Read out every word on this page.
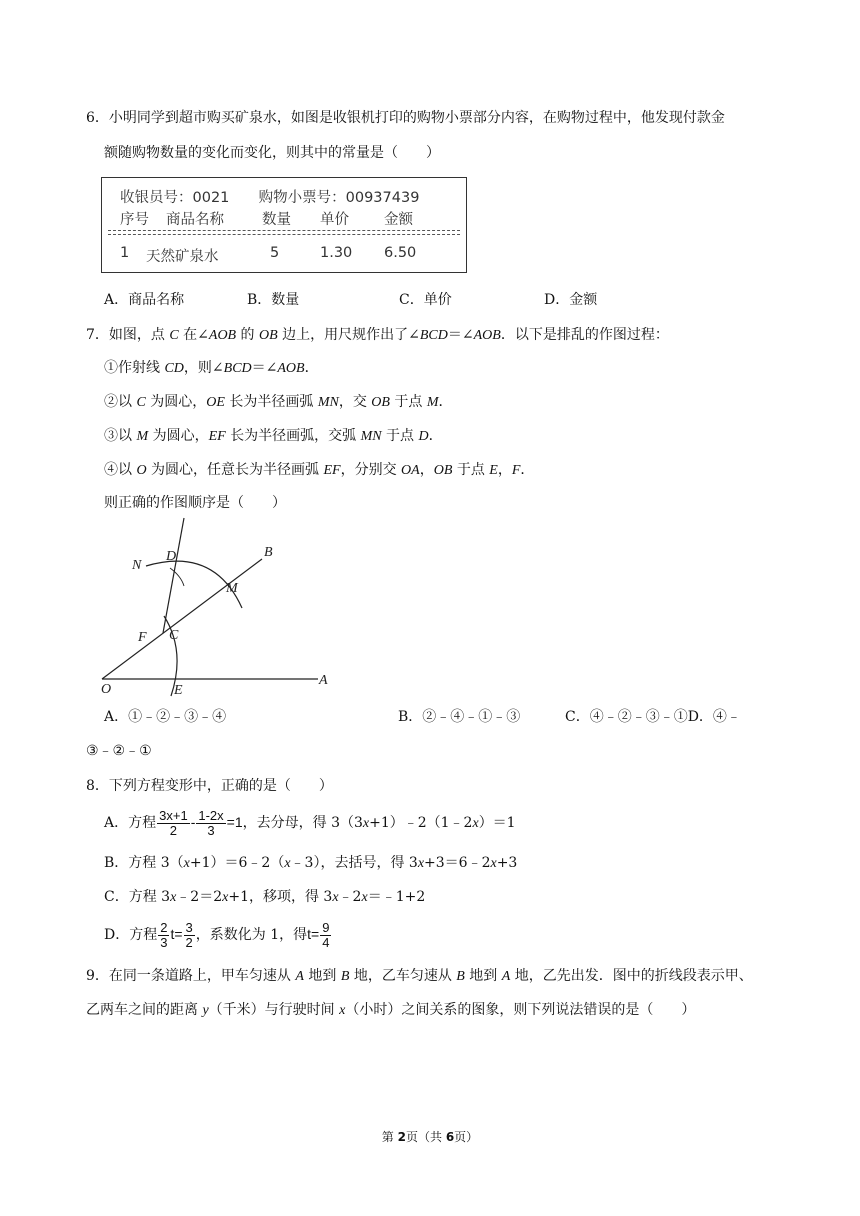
6．小明同学到超市购买矿泉水，如图是收银机打印的购物小票部分内容，在购物过程中，他发现付款金
额随购物数量的变化而变化，则其中的常量是（　　）
收银员号：0021 购物小票号：00937439
序号 商品名称	数量 单价 金额
1 天然矿泉水	5	1.30 6.50
A．商品名称	B．数量	C．单价	D．金额
7．如图，点 C 在∠AOB 的 OB 边上，用尺规作出了∠BCD＝∠AOB．以下是排乱的作图过程：
①作射线 CD，则∠BCD＝∠AOB．
②以 C 为圆心，OE 长为半径画弧 MN，交 OB 于点 M．
③以 M 为圆心，EF 长为半径画弧，交弧 MN 于点 D．
④以 O 为圆心，任意长为半径画弧 EF，分别交 OA，OB 于点 E，F．
则正确的作图顺序是（　　）
N
D	B
M
F C
O	E
A
A．①﹣②﹣③﹣④	B．②﹣④﹣①﹣③	C．④﹣②﹣③﹣①D．④﹣
③﹣②﹣①
8．下列方程变形中，正确的是（　　）
A．方程 $\frac{3x+1}{2} - \frac{1-2x}{3} =1$，去分母，得 3（3x+1）﹣2（1﹣2x）＝1
B．方程 3（x+1）＝6﹣2（x﹣3），去括号，得 3x+3＝6﹣2x+3
C．方程 3x﹣2＝2x+1，移项，得 3x﹣2x＝﹣1+2
D．方程 $\frac{2}{3} t= \frac{3}{2}$ ，系数化为 1，得$t= \frac{9}{4}$
9．在同一条道路上，甲车匀速从 A 地到 B 地，乙车匀速从 B 地到 A 地，乙先出发．图中的折线段表示甲、
乙两车之间的距离 y（千米）与行驶时间 x（小时）之间关系的图象，则下列说法错误的是（　　）
第 2页（共 6页）
